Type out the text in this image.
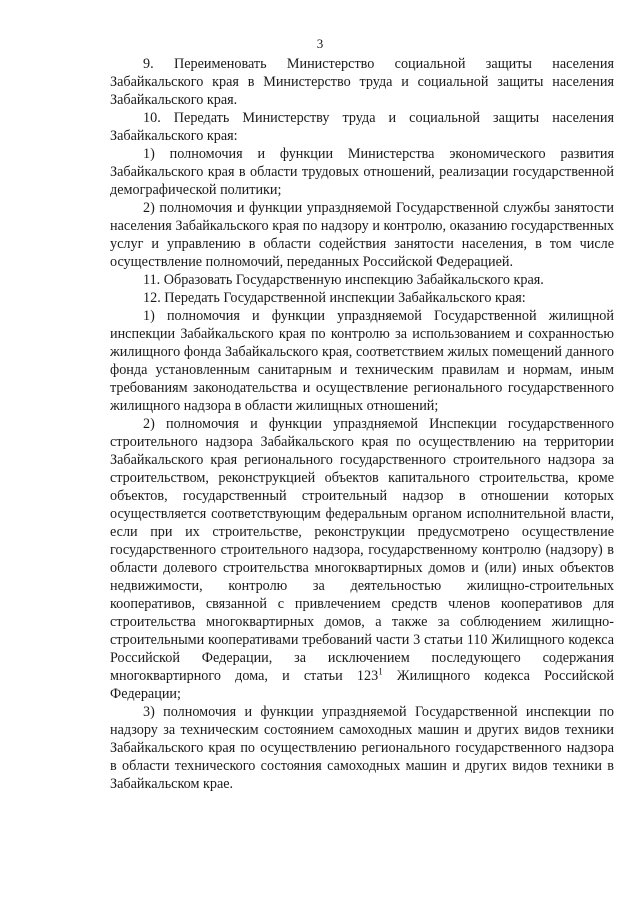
3

9. Переименовать Министерство социальной защиты населения Забайкальского края в Министерство труда и социальной защиты населения Забайкальского края.

10. Передать Министерству труда и социальной защиты населения Забайкальского края:

1) полномочия и функции Министерства экономического развития Забайкальского края в области трудовых отношений, реализации государственной демографической политики;

2) полномочия и функции упраздняемой Государственной службы занятости населения Забайкальского края по надзору и контролю, оказанию государственных услуг и управлению в области содействия занятости населения, в том числе осуществление полномочий, переданных Российской Федерацией.

11. Образовать Государственную инспекцию Забайкальского края.

12. Передать Государственной инспекции Забайкальского края:

1) полномочия и функции упраздняемой Государственной жилищной инспекции Забайкальского края по контролю за использованием и сохранностью жилищного фонда Забайкальского края, соответствием жилых помещений данного фонда установленным санитарным и техническим правилам и нормам, иным требованиям законодательства и осуществление регионального государственного жилищного надзора в области жилищных отношений;

2) полномочия и функции упраздняемой Инспекции государственного строительного надзора Забайкальского края по осуществлению на территории Забайкальского края регионального государственного строительного надзора за строительством, реконструкцией объектов капитального строительства, кроме объектов, государственный строительный надзор в отношении которых осуществляется соответствующим федеральным органом исполнительной власти, если при их строительстве, реконструкции предусмотрено осуществление государственного строительного надзора, государственному контролю (надзору) в области долевого строительства многоквартирных домов и (или) иных объектов недвижимости, контролю за деятельностью жилищно-строительных кооперативов, связанной с привлечением средств членов кооперативов для строительства многоквартирных домов, а также за соблюдением жилищно-строительными кооперативами требований части 3 статьи 110 Жилищного кодекса Российской Федерации, за исключением последующего содержания многоквартирного дома, и статьи $123^1$ Жилищного кодекса Российской Федерации;

3) полномочия и функции упраздняемой Государственной инспекции по надзору за техническим состоянием самоходных машин и других видов техники Забайкальского края по осуществлению регионального государственного надзора в области технического состояния самоходных машин и других видов техники в Забайкальском крае.
